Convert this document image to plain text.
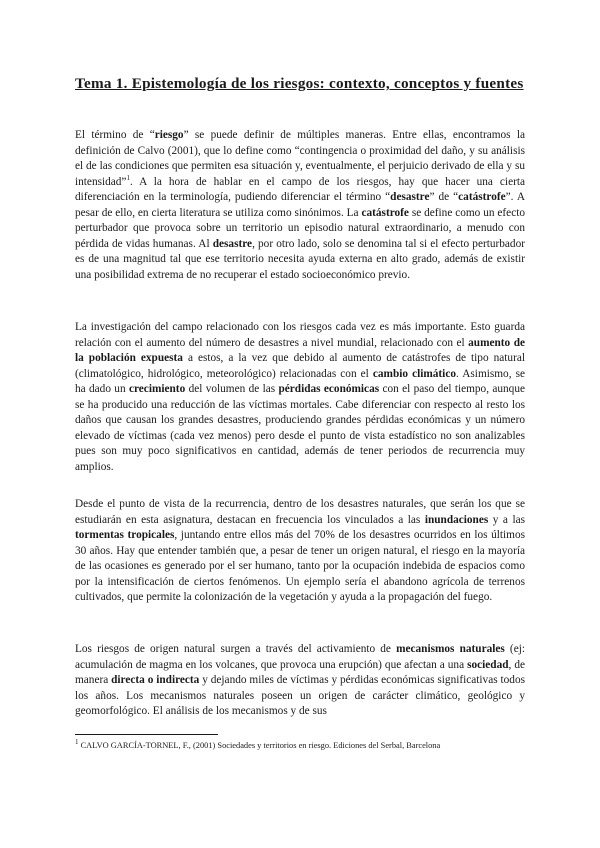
Tema 1. Epistemología de los riesgos: contexto, conceptos y fuentes

El término de “riesgo” se puede definir de múltiples maneras. Entre ellas, encontramos la definición de Calvo (2001), que lo define como “contingencia o proximidad del daño, y su análisis el de las condiciones que permiten esa situación y, eventualmente, el perjuicio derivado de ella y su intensidad”$^1$. A la hora de hablar en el campo de los riesgos, hay que hacer una cierta diferenciación en la terminología, pudiendo diferenciar el término “desastre” de “catástrofe”. A pesar de ello, en cierta literatura se utiliza como sinónimos. La catástrofe se define como un efecto perturbador que provoca sobre un territorio un episodio natural extraordinario, a menudo con pérdida de vidas humanas. Al desastre, por otro lado, solo se denomina tal si el efecto perturbador es de una magnitud tal que ese territorio necesita ayuda externa en alto grado, además de existir una posibilidad extrema de no recuperar el estado socioeconómico previo.

La investigación del campo relacionado con los riesgos cada vez es más importante. Esto guarda relación con el aumento del número de desastres a nivel mundial, relacionado con el aumento de la población expuesta a estos, a la vez que debido al aumento de catástrofes de tipo natural (climatológico, hidrológico, meteorológico) relacionadas con el cambio climático. Asimismo, se ha dado un crecimiento del volumen de las pérdidas económicas con el paso del tiempo, aunque se ha producido una reducción de las víctimas mortales. Cabe diferenciar con respecto al resto los daños que causan los grandes desastres, produciendo grandes pérdidas económicas y un número elevado de víctimas (cada vez menos) pero desde el punto de vista estadístico no son analizables pues son muy poco significativos en cantidad, además de tener periodos de recurrencia muy amplios.

Desde el punto de vista de la recurrencia, dentro de los desastres naturales, que serán los que se estudiarán en esta asignatura, destacan en frecuencia los vinculados a las inundaciones y a las tormentas tropicales, juntando entre ellos más del 70% de los desastres ocurridos en los últimos 30 años. Hay que entender también que, a pesar de tener un origen natural, el riesgo en la mayoría de las ocasiones es generado por el ser humano, tanto por la ocupación indebida de espacios como por la intensificación de ciertos fenómenos. Un ejemplo sería el abandono agrícola de terrenos cultivados, que permite la colonización de la vegetación y ayuda a la propagación del fuego.

Los riesgos de origen natural surgen a través del activamiento de mecanismos naturales (ej: acumulación de magma en los volcanes, que provoca una erupción) que afectan a una sociedad, de manera directa o indirecta y dejando miles de víctimas y pérdidas económicas significativas todos los años. Los mecanismos naturales poseen un origen de carácter climático, geológico y geomorfológico. El análisis de los mecanismos y de sus

$^1$ CALVO GARCÍA-TORNEL, F., (2001) Sociedades y territorios en riesgo. Ediciones del Serbal, Barcelona
